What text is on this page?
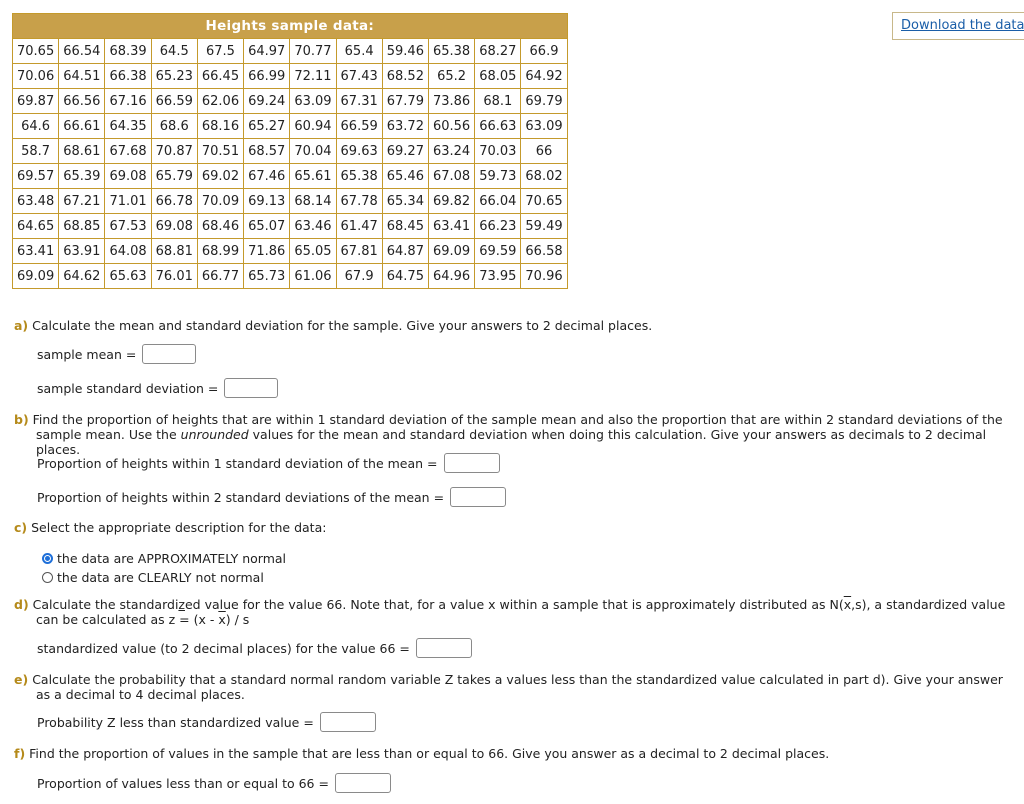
Heights sample data:											
70.65	66.54	68.39	64.5	67.5	64.97	70.77	65.4	59.46	65.38	68.27	66.9
70.06	64.51	66.38	65.23	66.45	66.99	72.11	67.43	68.52	65.2	68.05	64.92
69.87	66.56	67.16	66.59	62.06	69.24	63.09	67.31	67.79	73.86	68.1	69.79
64.6	66.61	64.35	68.6	68.16	65.27	60.94	66.59	63.72	60.56	66.63	63.09
58.7	68.61	67.68	70.87	70.51	68.57	70.04	69.63	69.27	63.24	70.03	66
69.57	65.39	69.08	65.79	69.02	67.46	65.61	65.38	65.46	67.08	59.73	68.02
63.48	67.21	71.01	66.78	70.09	69.13	68.14	67.78	65.34	69.82	66.04	70.65
64.65	68.85	67.53	69.08	68.46	65.07	63.46	61.47	68.45	63.41	66.23	59.49
63.41	63.91	64.08	68.81	68.99	71.86	65.05	67.81	64.87	69.09	69.59	66.58
69.09	64.62	65.63	76.01	66.77	65.73	61.06	67.9	64.75	64.96	73.95	70.96
Download the data
a) Calculate the mean and standard deviation for the sample. Give your answers to 2 decimal places.
sample mean =
sample standard deviation =
b) Find the proportion of heights that are within 1 standard deviation of the sample mean and also the proportion that are within 2 standard deviations of the sample mean. Use the unrounded values for the mean and standard deviation when doing this calculation. Give your answers as decimals to 2 decimal places.
Proportion of heights within 1 standard deviation of the mean =
Proportion of heights within 2 standard deviations of the mean =
c) Select the appropriate description for the data:
the data are APPROXIMATELY normal
the data are CLEARLY not normal
d) Calculate the standardized value for the value 66. Note that, for a value x within a sample that is approximately distributed as $N(\overline{x},s)$, a standardized value can be calculated as $z = (x - \overline{x}) / s$
standardized value (to 2 decimal places) for the value 66 =
e) Calculate the probability that a standard normal random variable Z takes a values less than the standardized value calculated in part d). Give your answer as a decimal to 4 decimal places.
Probability Z less than standardized value =
f) Find the proportion of values in the sample that are less than or equal to 66. Give you answer as a decimal to 2 decimal places.
Proportion of values less than or equal to 66 =
